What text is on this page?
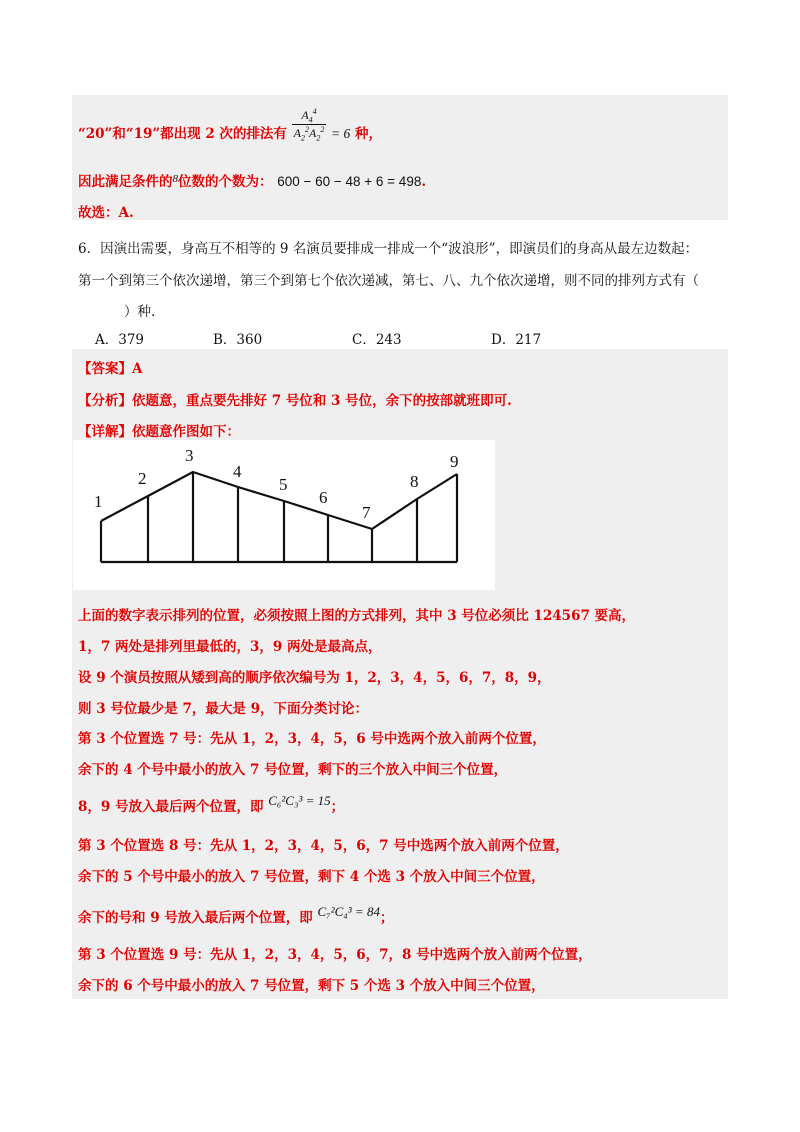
“20”和“19”都出现 2 次的排法有 $\frac{A_4^4}{A_2^2A_2^2} = 6$ 种，
因此满足条件的$^8$位数的个数为： 600 − 60 − 48 + 6 = 498.
故选：A.
6．因演出需要，身高互不相等的 9 名演员要排成一排成一个“波浪形”，即演员们的身高从最左边数起：
第一个到第三个依次递增，第三个到第七个依次递减，第七、八、九个依次递增，则不同的排列方式有（
）种.
A．379	B．360	C．243	D．217
【答案】A
【分析】依题意，重点要先排好 7 号位和 3 号位，余下的按部就班即可.
【详解】依题意作图如下：
1
2
3
4
5
6
7
8
9
上面的数字表示排列的位置，必须按照上图的方式排列，其中 3 号位必须比 124567 要高，
1，7 两处是排列里最低的，3，9 两处是最高点，
设 9 个演员按照从矮到高的顺序依次编号为 1，2，3，4，5，6，7，8，9，
则 3 号位最少是 7，最大是 9，下面分类讨论：
第 3 个位置选 7 号：先从 1，2，3，4，5，6 号中选两个放入前两个位置，
余下的 4 个号中最小的放入 7 号位置，剩下的三个放入中间三个位置，
8，9 号放入最后两个位置，即 C₆²C₃³ = 15；
第 3 个位置选 8 号：先从 1，2，3，4，5，6，7 号中选两个放入前两个位置，
余下的 5 个号中最小的放入 7 号位置，剩下 4 个选 3 个放入中间三个位置，
余下的号和 9 号放入最后两个位置，即 C₇²C₄³ = 84；
第 3 个位置选 9 号：先从 1，2，3，4，5，6，7，8 号中选两个放入前两个位置，
余下的 6 个号中最小的放入 7 号位置，剩下 5 个选 3 个放入中间三个位置，
